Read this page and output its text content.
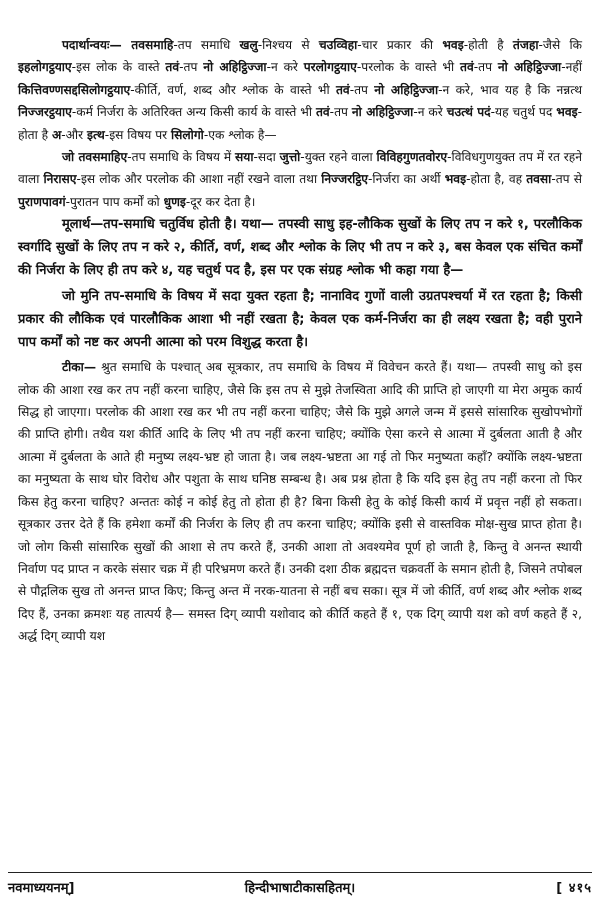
पदार्थान्वयः— तवसमाहि-तप समाधि खलु-निश्चय से चउव्विहा-चार प्रकार की भवइ-होती है तंजहा-जैसे कि इहलोगट्ठयाए-इस लोक के वास्ते तवं-तप नो अहिट्ठिज्जा-न करे परलोगट्ठयाए-परलोक के वास्ते भी तवं-तप नो अहिट्ठिज्जा-नहीं कित्तिवण्णसद्दसिलोगट्ठयाए-कीर्ति, वर्ण, शब्द और श्लोक के वास्ते भी तवं-तप नो अहिट्ठिज्जा-न करे, भाव यह है कि नन्नत्थ निज्जरट्ठयाए-कर्म निर्जरा के अतिरिक्त अन्य किसी कार्य के वास्ते भी तवं-तप नो अहिट्ठिज्जा-न करे चउत्थं पदं-यह चतुर्थ पद भवइ-होता है अ-और इत्थ-इस विषय पर सिलोगो-एक श्लोक है—

जो तवसमाहिए-तप समाधि के विषय में सया-सदा जुत्तो-युक्त रहने वाला विविहगुणतवोरए-विविधगुणयुक्त तप में रत रहने वाला निरासए-इस लोक और परलोक की आशा नहीं रखने वाला तथा निज्जरट्ठिए-निर्जरा का अर्थी भवइ-होता है, वह तवसा-तप से पुराणपावगं-पुरातन पाप कर्मों को धुणइ-दूर कर देता है।

मूलार्थ—तप-समाधि चतुर्विध होती है। यथा— तपस्वी साधु इह-लौकिक सुखों के लिए तप न करे १, परलौकिक स्वर्गादि सुखों के लिए तप न करे २, कीर्ति, वर्ण, शब्द और श्लोक के लिए भी तप न करे ३, बस केवल एक संचित कर्मों की निर्जरा के लिए ही तप करे ४, यह चतुर्थ पद है, इस पर एक संग्रह श्लोक भी कहा गया है—

जो मुनि तप-समाधि के विषय में सदा युक्त रहता है; नानाविद गुणों वाली उग्रतपश्चर्या में रत रहता है; किसी प्रकार की लौकिक एवं पारलौकिक आशा भी नहीं रखता है; केवल एक कर्म-निर्जरा का ही लक्ष्य रखता है; वही पुराने पाप कर्मों को नष्ट कर अपनी आत्मा को परम विशुद्ध करता है।

टीका— श्रुत समाधि के पश्चात् अब सूत्रकार, तप समाधि के विषय में विवेचन करते हैं। यथा— तपस्वी साधु को इस लोक की आशा रख कर तप नहीं करना चाहिए, जैसे कि इस तप से मुझे तेजस्विता आदि की प्राप्ति हो जाएगी या मेरा अमुक कार्य सिद्ध हो जाएगा। परलोक की आशा रख कर भी तप नहीं करना चाहिए; जैसे कि मुझे अगले जन्म में इससे सांसारिक सुखोपभोगों की प्राप्ति होगी। तथैव यश कीर्ति आदि के लिए भी तप नहीं करना चाहिए; क्योंकि ऐसा करने से आत्मा में दुर्बलता आती है और आत्मा में दुर्बलता के आते ही मनुष्य लक्ष्य-भ्रष्ट हो जाता है। जब लक्ष्य-भ्रष्टता आ गई तो फिर मनुष्यता कहाँ? क्योंकि लक्ष्य-भ्रष्टता का मनुष्यता के साथ घोर विरोध और पशुता के साथ घनिष्ठ सम्बन्ध है। अब प्रश्न होता है कि यदि इस हेतु तप नहीं करना तो फिर किस हेतु करना चाहिए? अन्ततः कोई न कोई हेतु तो होता ही है? बिना किसी हेतु के कोई किसी कार्य में प्रवृत्त नहीं हो सकता। सूत्रकार उत्तर देते हैं कि हमेशा कर्मों की निर्जरा के लिए ही तप करना चाहिए; क्योंकि इसी से वास्तविक मोक्ष-सुख प्राप्त होता है। जो लोग किसी सांसारिक सुखों की आशा से तप करते हैं, उनकी आशा तो अवश्यमेव पूर्ण हो जाती है, किन्तु वे अनन्त स्थायी निर्वाण पद प्राप्त न करके संसार चक्र में ही परिभ्रमण करते हैं। उनकी दशा ठीक ब्रह्मदत्त चक्रवर्ती के समान होती है, जिसने तपोबल से पौद्गलिक सुख तो अनन्त प्राप्त किए; किन्तु अन्त में नरक-यातना से नहीं बच सका। सूत्र में जो कीर्ति, वर्ण शब्द और श्लोक शब्द दिए हैं, उनका क्रमशः यह तात्पर्य है— समस्त दिग् व्यापी यशोवाद को कीर्ति कहते हैं १, एक दिग् व्यापी यश को वर्ण कहते हैं २, अर्द्ध दिग् व्यापी यश

नवमाध्ययनम्]	हिन्दीभाषाटीकासहितम्।	[ ४१५
